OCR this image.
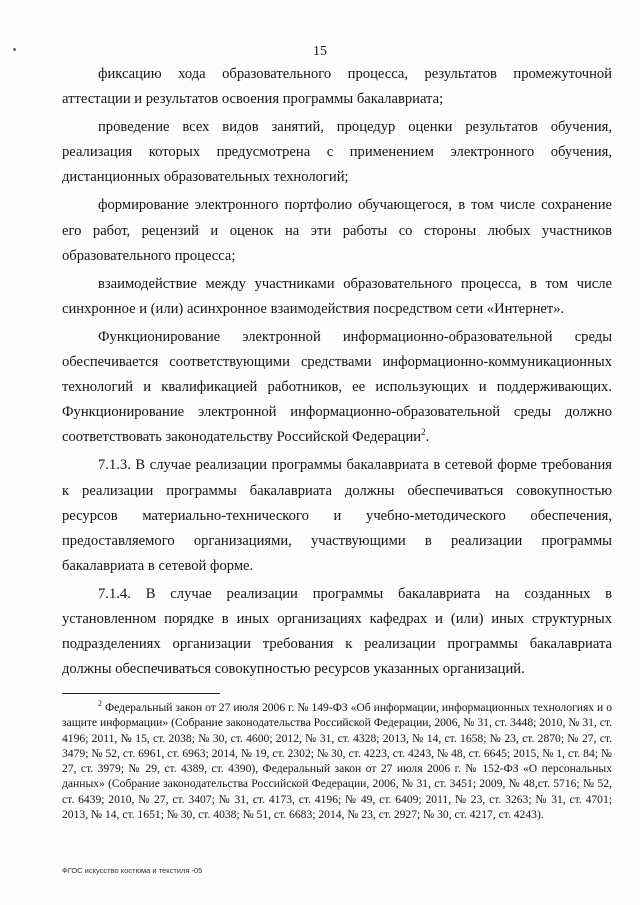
15

фиксацию хода образовательного процесса, результатов промежуточной аттестации и результатов освоения программы бакалавриата;

проведение всех видов занятий, процедур оценки результатов обучения, реализация которых предусмотрена с применением электронного обучения, дистанционных образовательных технологий;

формирование электронного портфолио обучающегося, в том числе сохранение его работ, рецензий и оценок на эти работы со стороны любых участников образовательного процесса;

взаимодействие между участниками образовательного процесса, в том числе синхронное и (или) асинхронное взаимодействия посредством сети «Интернет».

Функционирование электронной информационно-образовательной среды обеспечивается соответствующими средствами информационно-коммуникационных технологий и квалификацией работников, ее использующих и поддерживающих. Функционирование электронной информационно-образовательной среды должно соответствовать законодательству Российской Федерации$^2$.

7.1.3. В случае реализации программы бакалавриата в сетевой форме требования к реализации программы бакалавриата должны обеспечиваться совокупностью ресурсов материально-технического и учебно-методического обеспечения, предоставляемого организациями, участвующими в реализации программы бакалавриата в сетевой форме.

7.1.4. В случае реализации программы бакалавриата на созданных в установленном порядке в иных организациях кафедрах и (или) иных структурных подразделениях организации требования к реализации программы бакалавриата должны обеспечиваться совокупностью ресурсов указанных организаций.

$^2$ Федеральный закон от 27 июля 2006 г. № 149-ФЗ «Об информации, информационных технологиях и о защите информации» (Собрание законодательства Российской Федерации, 2006, № 31, ст. 3448; 2010, № 31, ст. 4196; 2011, № 15, ст. 2038; № 30, ст. 4600; 2012, № 31, ст. 4328; 2013, № 14, ст. 1658; № 23, ст. 2870; № 27, ст. 3479; № 52, ст. 6961, ст. 6963; 2014, № 19, ст. 2302; № 30, ст. 4223, ст. 4243, № 48, ст. 6645; 2015, № 1, ст. 84; № 27, ст. 3979; № 29, ст. 4389, ст. 4390), Федеральный закон от 27 июля 2006 г. № 152-ФЗ «О персональных данных» (Собрание законодательства Российской Федерации, 2006, № 31, ст. 3451; 2009, № 48,ст. 5716; № 52, ст. 6439; 2010, № 27, ст. 3407; № 31, ст. 4173, ст. 4196; № 49, ст. 6409; 2011, № 23, ст. 3263; № 31, ст. 4701; 2013, № 14, ст. 1651; № 30, ст. 4038; № 51, ст. 6683; 2014, № 23, ст. 2927; № 30, ст. 4217, ст. 4243).
ФГОС искусство костюма и текстиля -05
